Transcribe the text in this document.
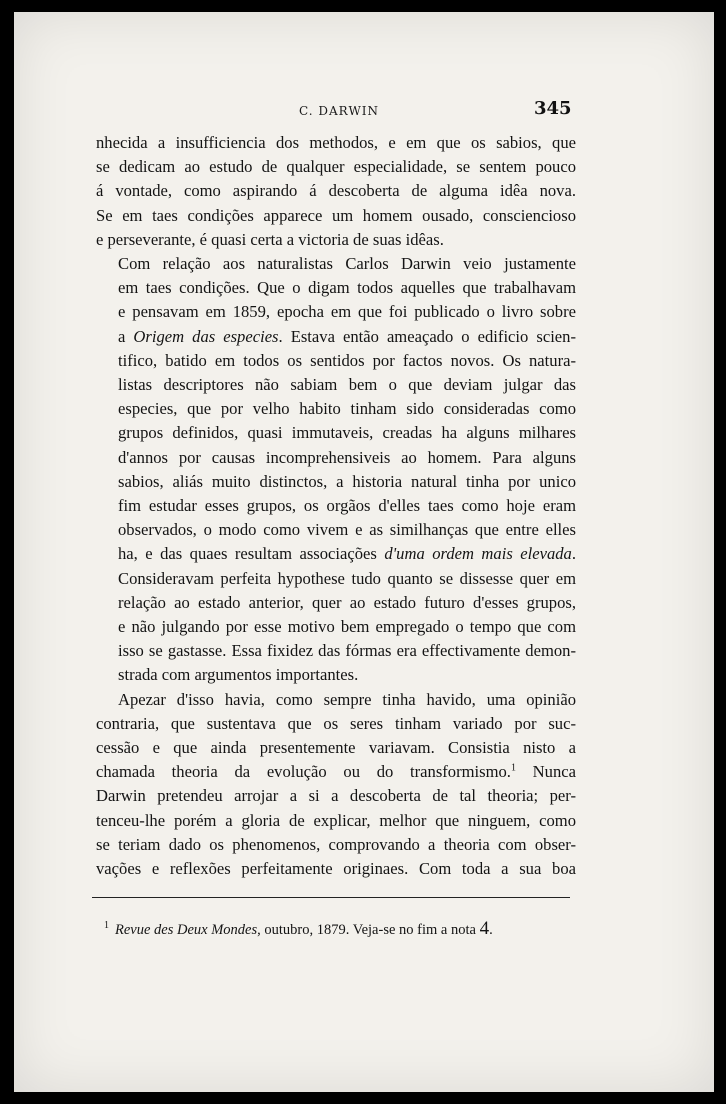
C. DARWIN	345

nhecida a insufficiencia dos methodos, e em que os sabios, que
se dedicam ao estudo de qualquer especialidade, se sentem pouco
á vontade, como aspirando á descoberta de alguma idêa nova.
Se em taes condições apparece um homem ousado, consciencioso
e perseverante, é quasi certa a victoria de suas idêas.

Com relação aos naturalistas Carlos Darwin veio justamente
em taes condições. Que o digam todos aquelles que trabalhavam
e pensavam em 1859, epocha em que foi publicado o livro sobre
a Origem das especies. Estava então ameaçado o edificio scien-
tifico, batido em todos os sentidos por factos novos. Os natura-
listas descriptores não sabiam bem o que deviam julgar das
especies, que por velho habito tinham sido consideradas como
grupos definidos, quasi immutaveis, creadas ha alguns milhares
d'annos por causas incomprehensiveis ao homem. Para alguns
sabios, aliás muito distinctos, a historia natural tinha por unico
fim estudar esses grupos, os orgãos d'elles taes como hoje eram
observados, o modo como vivem e as similhanças que entre elles
ha, e das quaes resultam associações d'uma ordem mais elevada.
Consideravam perfeita hypothese tudo quanto se dissesse quer em
relação ao estado anterior, quer ao estado futuro d'esses grupos,
e não julgando por esse motivo bem empregado o tempo que com
isso se gastasse. Essa fixidez das fórmas era effectivamente demon-
strada com argumentos importantes.

Apezar d'isso havia, como sempre tinha havido, uma opinião
contraria, que sustentava que os seres tinham variado por suc-
cessão e que ainda presentemente variavam. Consistia nisto a
chamada theoria da evolução ou do transformismo.$^1$ Nunca
Darwin pretendeu arrojar a si a descoberta de tal theoria; per-
tenceu-lhe porém a gloria de explicar, melhor que ninguem, como
se teriam dado os phenomenos, comprovando a theoria com obser-
vações e reflexões perfeitamente originaes. Com toda a sua boa

$^1$ Revue des Deux Mondes, outubro, 1879. Veja-se no fim a nota 4.
